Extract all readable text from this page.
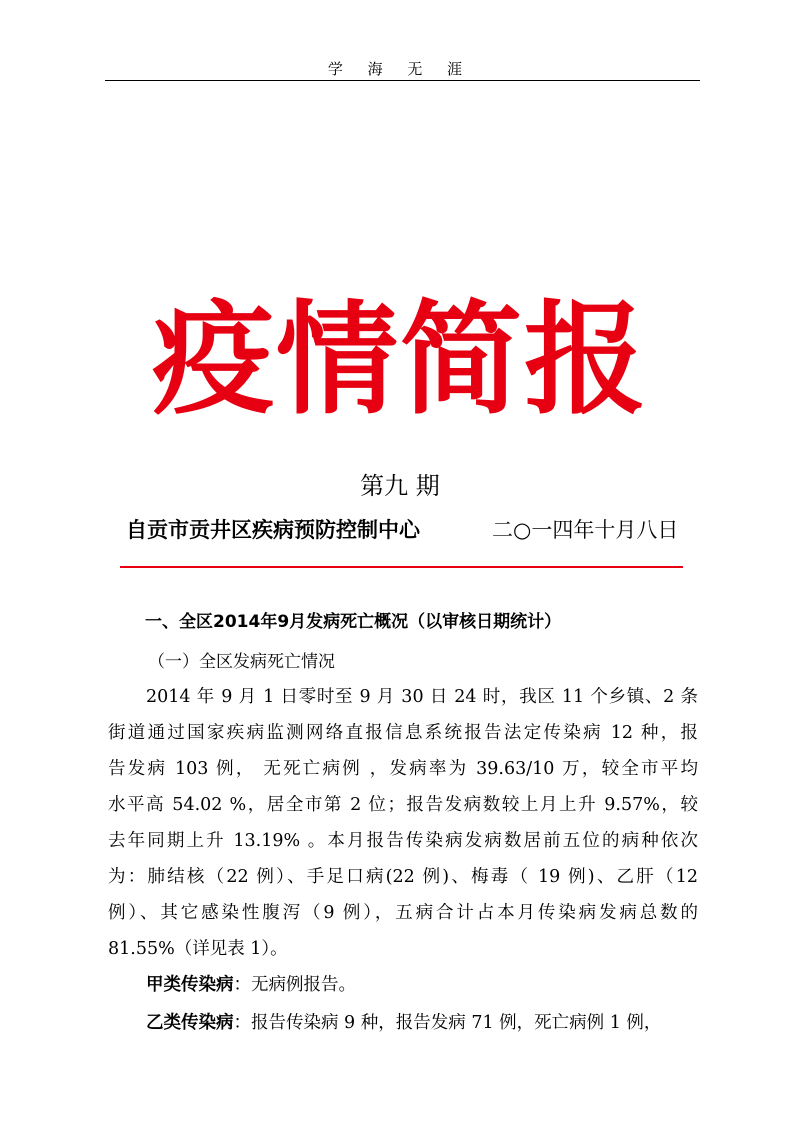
学 海 无 涯
疫情简报
第九 期
自贡市贡井区疾病预防控制中心	二○一四年十月八日
一、全区2014年9月发病死亡概况（以审核日期统计）
（一）全区发病死亡情况
2014 年 9 月 1 日零时至 9 月 30 日 24 时，我区 11 个乡镇、2 条
街道通过国家疾病监测网络直报信息系统报告法定传染病 12 种，报
告发病 103 例， 无死亡病例 ，发病率为 39.63/10 万，较全市平均
水平高 54.02 %，居全市第 2 位；报告发病数较上月上升 9.57%，较
去年同期上升 13.19% 。本月报告传染病发病数居前五位的病种依次
为：肺结核（22 例）、手足口病(22 例)、梅毒（ 19 例)、乙肝（12
例）、其它感染性腹泻（9 例），五病合计占本月传染病发病总数的
81.55%（详见表 1）。
甲类传染病：无病例报告。
乙类传染病：报告传染病 9 种，报告发病 71 例，死亡病例 1 例，
